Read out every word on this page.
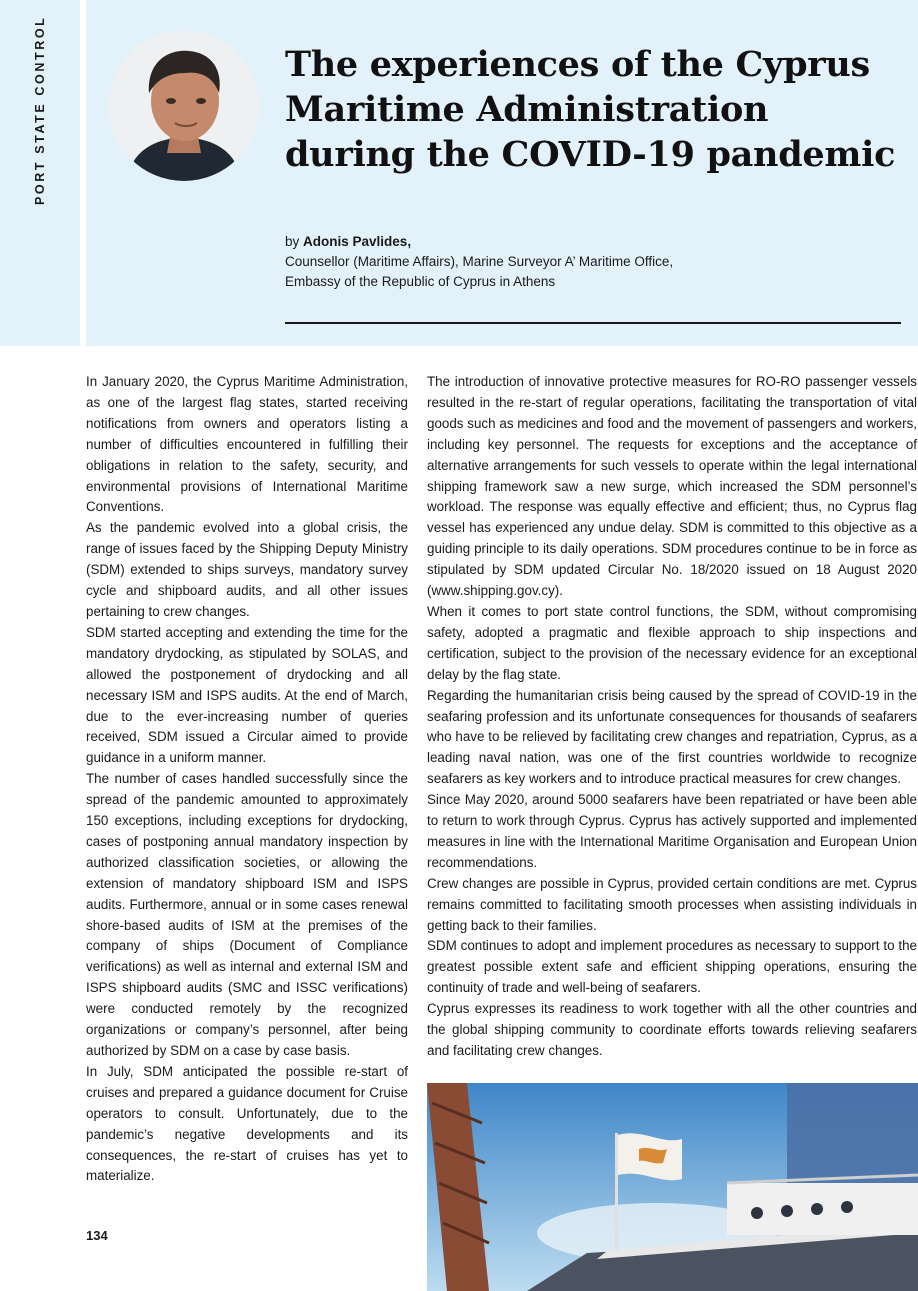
PORT STATE CONTROL	The experiences of the Cyprus Maritime Administration during the COVID-19 pandemic
by Adonis Pavlides,
Counsellor (Maritime Affairs), Marine Surveyor A’ Maritime Office,
Embassy of the Republic of Cyprus in Athens

In January 2020, the Cyprus Maritime Administration, as one of the largest flag states, started receiving notifications from owners and operators listing a number of difficulties encountered in fulfilling their obligations in relation to the safety, security, and environmental provisions of International Maritime Conventions.

As the pandemic evolved into a global crisis, the range of issues faced by the Shipping Deputy Ministry (SDM) extended to ships surveys, mandatory survey cycle and shipboard audits, and all other issues pertaining to crew changes.

SDM started accepting and extending the time for the mandatory drydocking, as stipulated by SOLAS, and allowed the postponement of drydocking and all necessary ISM and ISPS audits. At the end of March, due to the ever-increasing number of queries received, SDM issued a Circular aimed to provide guidance in a uniform manner.

The number of cases handled successfully since the spread of the pandemic amounted to approximately 150 exceptions, including exceptions for drydocking, cases of postponing annual mandatory inspection by authorized classification societies, or allowing the extension of mandatory shipboard ISM and ISPS audits. Furthermore, annual or in some cases renewal shore-based audits of ISM at the premises of the company of ships (Document of Compliance verifications) as well as internal and external ISM and ISPS shipboard audits (SMC and ISSC verifications) were conducted remotely by the recognized organizations or company’s personnel, after being authorized by SDM on a case by case basis.

In July, SDM anticipated the possible re-start of cruises and prepared a guidance document for Cruise operators to consult. Unfortunately, due to the pandemic’s negative developments and its consequences, the re-start of cruises has yet to materialize.

The introduction of innovative protective measures for RO-RO passenger vessels resulted in the re-start of regular operations, facilitating the transportation of vital goods such as medicines and food and the movement of passengers and workers, including key personnel. The requests for exceptions and the acceptance of alternative arrangements for such vessels to operate within the legal international shipping framework saw a new surge, which increased the SDM personnel’s workload. The response was equally effective and efficient; thus, no Cyprus flag vessel has experienced any undue delay. SDM is committed to this objective as a guiding principle to its daily operations. SDM procedures continue to be in force as stipulated by SDM updated Circular No. 18/2020 issued on 18 August 2020 (www.shipping.gov.cy).

When it comes to port state control functions, the SDM, without compromising safety, adopted a pragmatic and flexible approach to ship inspections and certification, subject to the provision of the necessary evidence for an exceptional delay by the flag state.

Regarding the humanitarian crisis being caused by the spread of COVID-19 in the seafaring profession and its unfortunate consequences for thousands of seafarers who have to be relieved by facilitating crew changes and repatriation, Cyprus, as a leading naval nation, was one of the first countries worldwide to recognize seafarers as key workers and to introduce practical measures for crew changes.

Since May 2020, around 5000 seafarers have been repatriated or have been able to return to work through Cyprus. Cyprus has actively supported and implemented measures in line with the International Maritime Organisation and European Union recommendations.

Crew changes are possible in Cyprus, provided certain conditions are met. Cyprus remains committed to facilitating smooth processes when assisting individuals in getting back to their families.

SDM continues to adopt and implement procedures as necessary to support to the greatest possible extent safe and efficient shipping operations, ensuring the continuity of trade and well-being of seafarers.

Cyprus expresses its readiness to work together with all the other countries and the global shipping community to coordinate efforts towards relieving seafarers and facilitating crew changes.

134
